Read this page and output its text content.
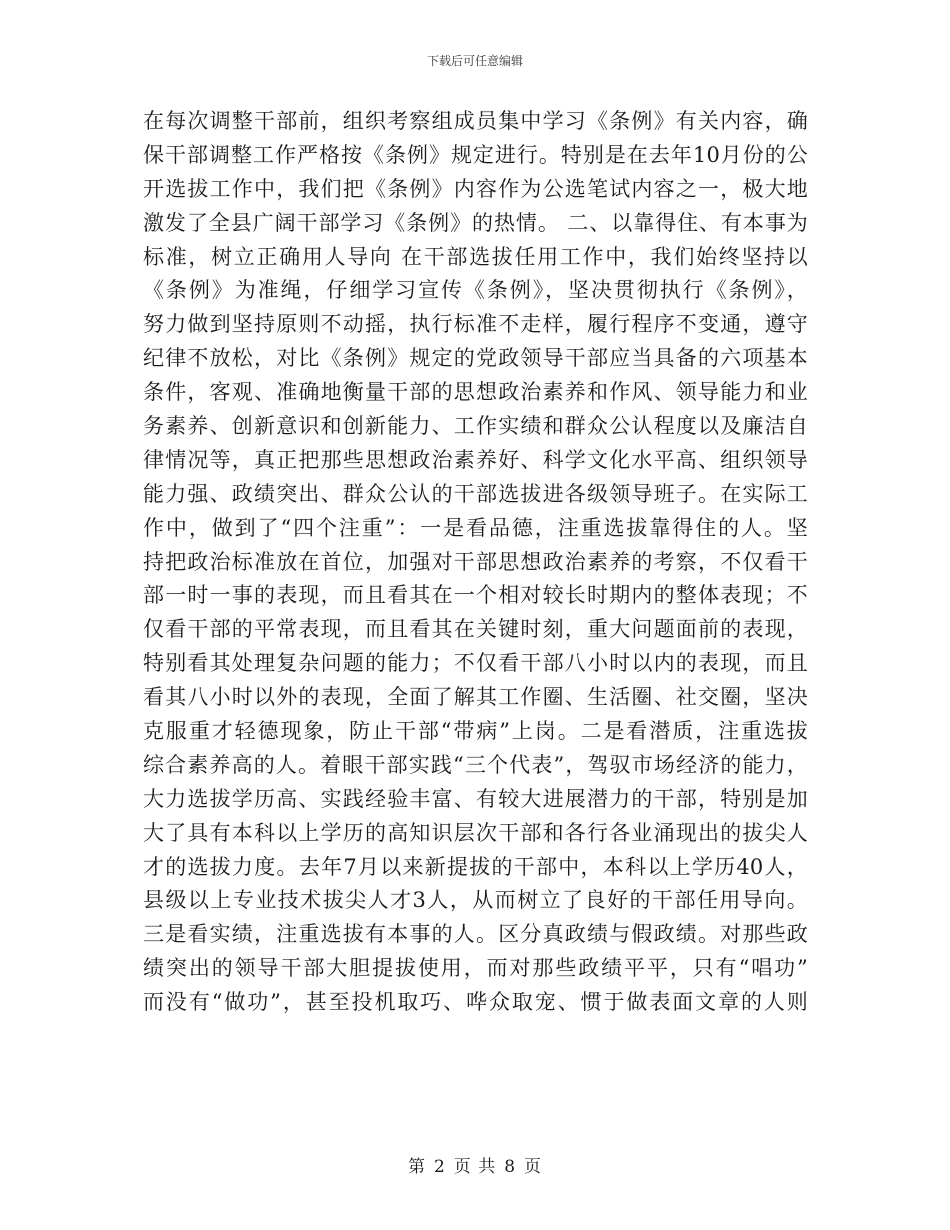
下载后可任意编辑
在每次调整干部前，组织考察组成员集中学习《条例》有关内容，确
保干部调整工作严格按《条例》规定进行。特别是在去年10月份的公
开选拔工作中，我们把《条例》内容作为公选笔试内容之一，极大地
激发了全县广阔干部学习《条例》的热情。 二、以靠得住、有本事为
标准，树立正确用人导向 在干部选拔任用工作中，我们始终坚持以
《条例》为准绳，仔细学习宣传《条例》，坚决贯彻执行《条例》，
努力做到坚持原则不动摇，执行标准不走样，履行程序不变通，遵守
纪律不放松，对比《条例》规定的党政领导干部应当具备的六项基本
条件，客观、准确地衡量干部的思想政治素养和作风、领导能力和业
务素养、创新意识和创新能力、工作实绩和群众公认程度以及廉洁自
律情况等，真正把那些思想政治素养好、科学文化水平高、组织领导
能力强、政绩突出、群众公认的干部选拔进各级领导班子。在实际工
作中，做到了“四个注重”：一是看品德，注重选拔靠得住的人。坚
持把政治标准放在首位，加强对干部思想政治素养的考察，不仅看干
部一时一事的表现，而且看其在一个相对较长时期内的整体表现；不
仅看干部的平常表现，而且看其在关键时刻，重大问题面前的表现，
特别看其处理复杂问题的能力；不仅看干部八小时以内的表现，而且
看其八小时以外的表现，全面了解其工作圈、生活圈、社交圈，坚决
克服重才轻德现象，防止干部“带病”上岗。二是看潜质，注重选拔
综合素养高的人。着眼干部实践“三个代表”，驾驭市场经济的能力，
大力选拔学历高、实践经验丰富、有较大进展潜力的干部，特别是加
大了具有本科以上学历的高知识层次干部和各行各业涌现出的拔尖人
才的选拔力度。去年7月以来新提拔的干部中，本科以上学历40人，
县级以上专业技术拔尖人才3人，从而树立了良好的干部任用导向。
三是看实绩，注重选拔有本事的人。区分真政绩与假政绩。对那些政
绩突出的领导干部大胆提拔使用，而对那些政绩平平，只有“唱功”
而没有“做功”，甚至投机取巧、哗众取宠、惯于做表面文章的人则
第 2 页 共 8 页
